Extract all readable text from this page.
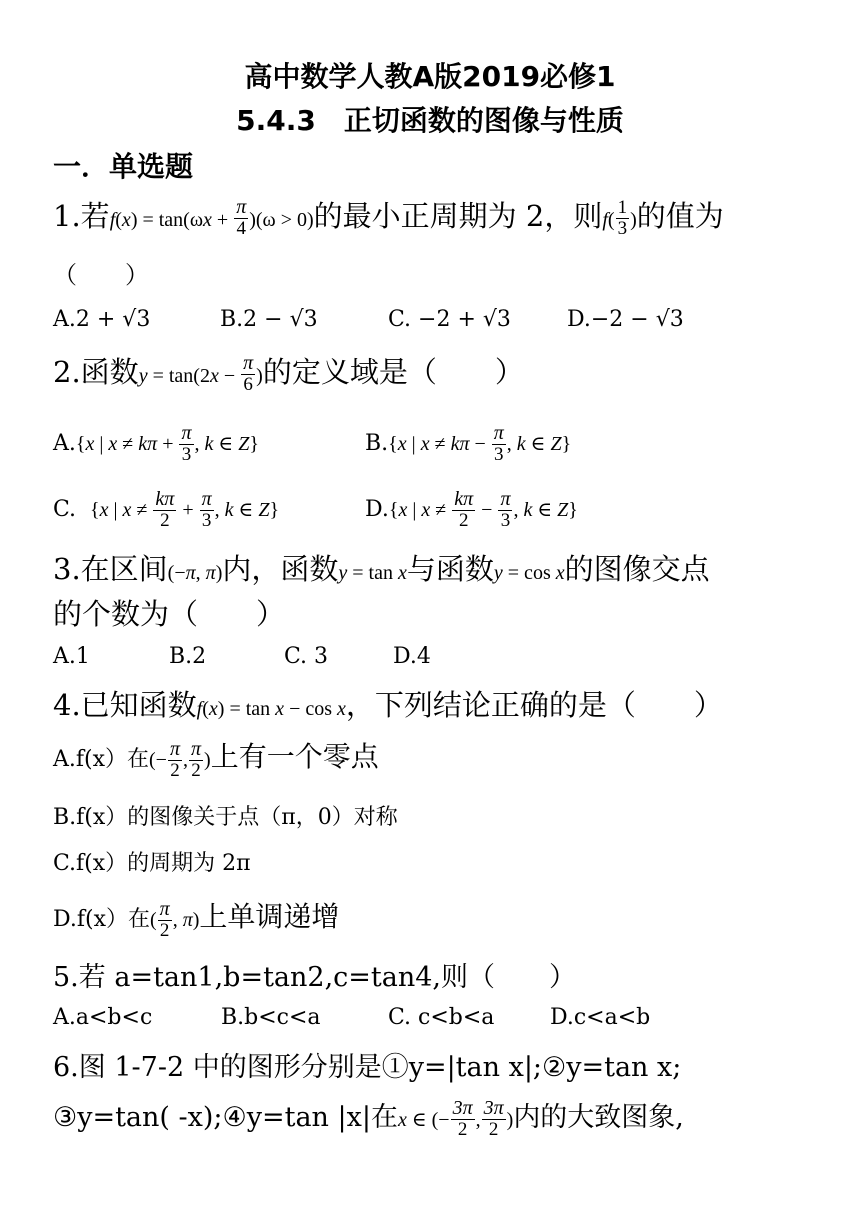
高中数学人教A版2019必修1
5.4.3　正切函数的图像与性质
一．单选题
1.若$f(x) = \tan(\omega x + \frac{\pi}{4} )(\omega > 0)$的最小正周期为 2，则$f( \frac{1}{3}$ )的值为
（　　）
A.2 + √3	B.2 − √3	C. −2 + √3	D.−2 − √3
2.函数$y = \tan(2x - \frac{\pi}{6}$ )的定义域是（　　）
A.{x | $x \ne k\pi + \frac{\pi}{3}$ , k ∈ Z}	B.{x | $x \ne k\pi - \frac{\pi}{3}$ , k ∈ Z}
C.  {x | $x \ne \frac{k\pi}{2} + \frac{\pi}{3}$ , k ∈ Z}	D.{x | $x \ne \frac{k\pi}{2} - \frac{\pi}{3}$ , k ∈ Z}
3.在区间(−π, π)内，函数y = tan x与函数y = cos x的图像交点
的个数为（　　）
A.1	B.2	C. 3	D.4
4.已知函数f(x) = tan x − cos x，下列结论正确的是（　　）
A.f(x）在(− $\frac{\pi}{2}$ , $\frac{\pi}{2}$ )上有一个零点
B.f(x）的图像关于点（π，0）对称
C.f(x）的周期为 2π
D.f(x）在( $\frac{\pi}{2}$ , π)上单调递增
5.若 a=tan1,b=tan2,c=tan4,则（　　）
A.a<b<c	B.b<c<a	C. c<b<a	D.c<a<b
6.图 1-7-2 中的图形分别是①y=|tan x|;②y=tan x;
③y=tan( -x);④y=tan |x|在x ∈ (− $\frac{3\pi}{2}$ , $\frac{3\pi}{2}$ )内的大致图象,
